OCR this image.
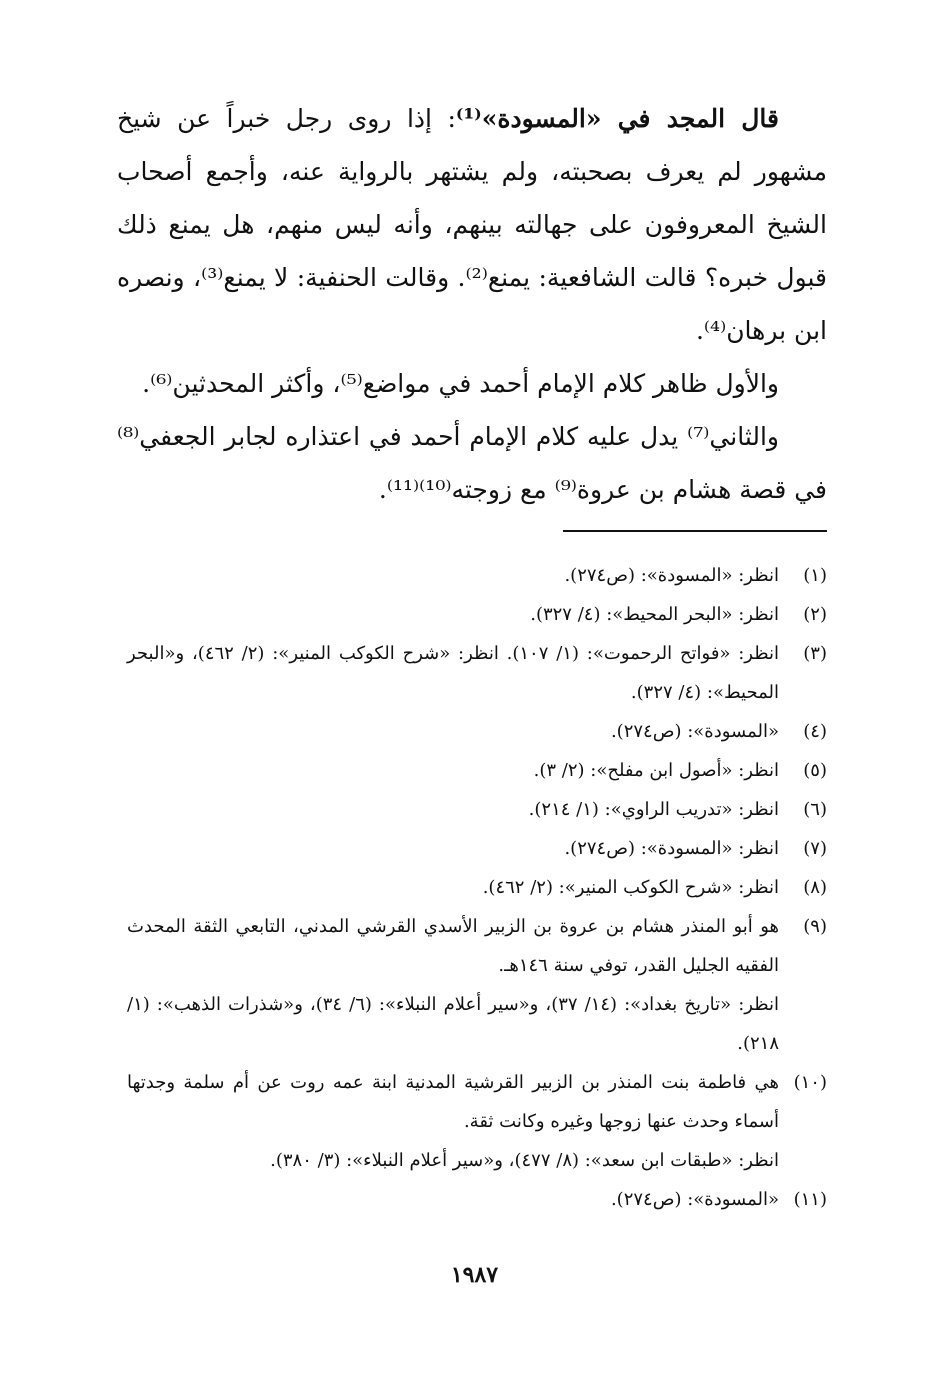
قال المجد في «المسودة»⁽¹⁾: إذا روى رجل خبراً عن شيخ مشهور لم يعرف بصحبته، ولم يشتهر بالرواية عنه، وأجمع أصحاب الشيخ المعروفون على جهالته بينهم، وأنه ليس منهم، هل يمنع ذلك قبول خبره؟ قالت الشافعية: يمنع⁽²⁾. وقالت الحنفية: لا يمنع⁽³⁾، ونصره ابن برهان⁽⁴⁾.

والأول ظاهر كلام الإمام أحمد في مواضع⁽⁵⁾، وأكثر المحدثين⁽⁶⁾.

والثاني⁽⁷⁾ يدل عليه كلام الإمام أحمد في اعتذاره لجابر الجعفي⁽⁸⁾ في قصة هشام بن عروة⁽⁹⁾ مع زوجته⁽¹⁰⁾⁽¹¹⁾.

(١)
انظر: «المسودة»: (ص٢٧٤).
(٢)
انظر: «البحر المحيط»: (٤/ ٣٢٧).
(٣)
انظر: «فواتح الرحموت»: (١/ ١٠٧). انظر: «شرح الكوكب المنير»: (٢/ ٤٦٢)، و«البحر المحيط»: (٤/ ٣٢٧).
(٤)
«المسودة»: (ص٢٧٤).
(٥)
انظر: «أصول ابن مفلح»: (٢/ ٣).
(٦)
انظر: «تدريب الراوي»: (١/ ٢١٤).
(٧)
انظر: «المسودة»: (ص٢٧٤).
(٨)
انظر: «شرح الكوكب المنير»: (٢/ ٤٦٢).
(٩)
هو أبو المنذر هشام بن عروة بن الزبير الأسدي القرشي المدني، التابعي الثقة المحدث الفقيه الجليل القدر، توفي سنة ١٤٦هـ.
انظر: «تاريخ بغداد»: (١٤/ ٣٧)، و«سير أعلام النبلاء»: (٦/ ٣٤)، و«شذرات الذهب»: (١/ ٢١٨).
(١٠)
هي فاطمة بنت المنذر بن الزبير القرشية المدنية ابنة عمه روت عن أم سلمة وجدتها أسماء وحدث عنها زوجها وغيره وكانت ثقة.
انظر: «طبقات ابن سعد»: (٨/ ٤٧٧)، و«سير أعلام النبلاء»: (٣/ ٣٨٠).
(١١)
«المسودة»: (ص٢٧٤).
١٩٨٧
